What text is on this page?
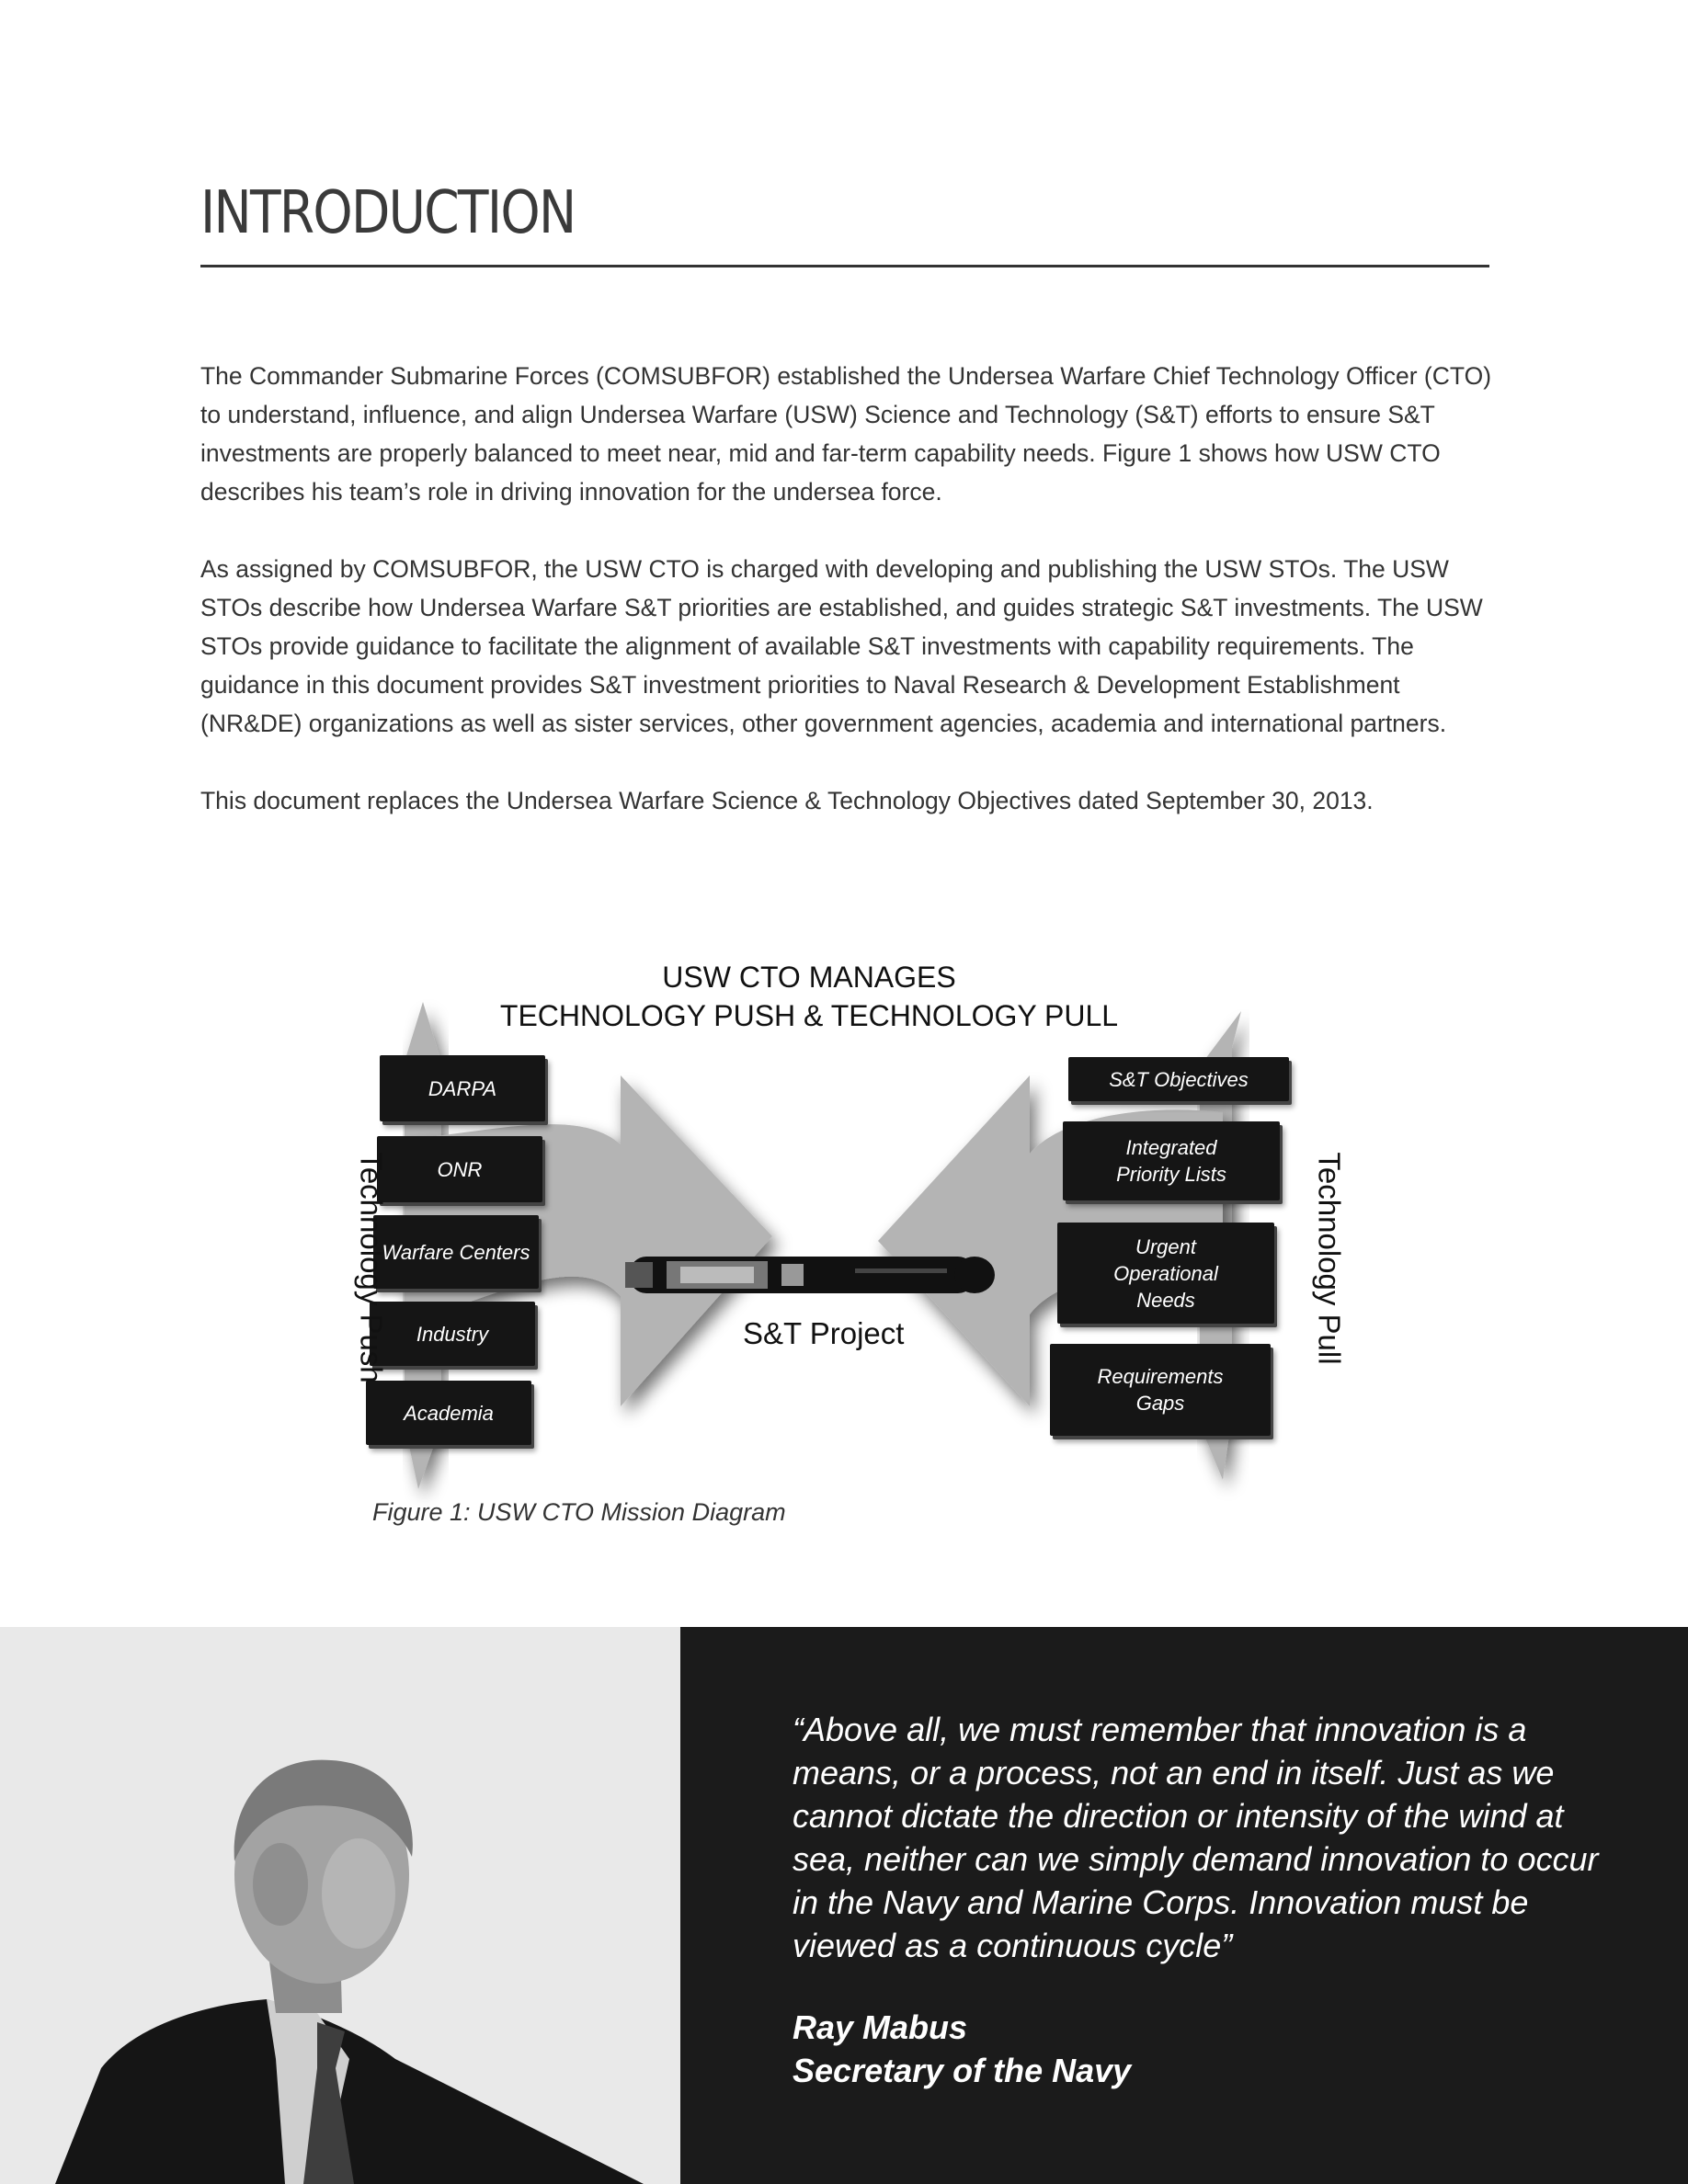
INTRODUCTION

The Commander Submarine Forces (COMSUBFOR) established the Undersea Warfare Chief Technology Officer (CTO) to understand, influence, and align Undersea Warfare (USW) Science and Technology (S&T) efforts to ensure S&T investments are properly balanced to meet near, mid and far-term capability needs. Figure 1 shows how USW CTO describes his team’s role in driving innovation for the undersea force.

As assigned by COMSUBFOR, the USW CTO is charged with developing and publishing the USW STOs. The USW STOs describe how Undersea Warfare S&T priorities are established, and guides strategic S&T investments. The USW STOs provide guidance to facilitate the alignment of available S&T investments with capability requirements. The guidance in this document provides S&T investment priorities to Naval Research & Development Establishment (NR&DE) organizations as well as sister services, other government agencies, academia and international partners.

This document replaces the Undersea Warfare Science & Technology Objectives dated September 30, 2013.

USW CTO MANAGES
TECHNOLOGY PUSH & TECHNOLOGY PULL
DARPA
ONR
Warfare Centers
Industry
Academia
S&T Objectives
Integrated Priority Lists
Urgent Operational Needs
Requirements Gaps
Technology Push	Technology Pull
S&T Project
Figure 1: USW CTO Mission Diagram
“Above all, we must remember that innovation is a means, or a process, not an end in itself. Just as we cannot dictate the direction or intensity of the wind at sea, neither can we simply demand innovation to occur in the Navy and Marine Corps. Innovation must be viewed as a continuous cycle”
Ray Mabus
Secretary of the Navy
